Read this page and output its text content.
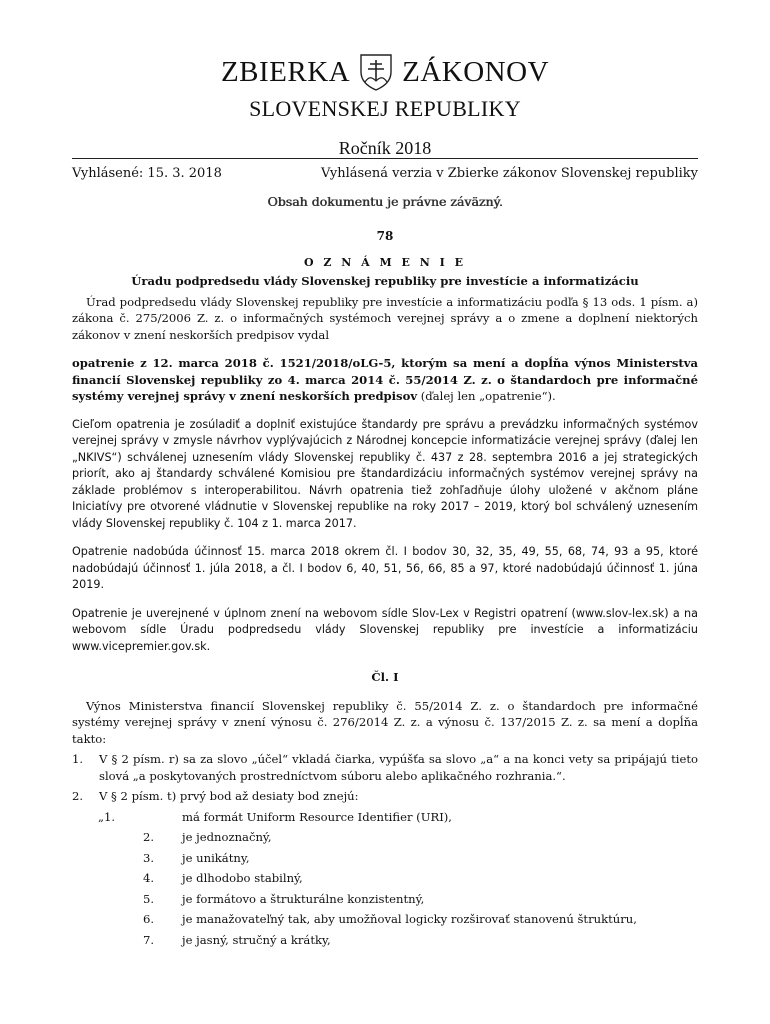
ZBIERKA ZÁKONOV
SLOVENSKEJ REPUBLIKY
Ročník 2018
Vyhlásené: 15. 3. 2018	Vyhlásená verzia v Zbierke zákonov Slovenskej republiky
Obsah dokumentu je právne záväzný.
78
O Z N Á M E N I E
Úradu podpredsedu vlády Slovenskej republiky pre investície a informatizáciu

Úrad podpredsedu vlády Slovenskej republiky pre investície a informatizáciu podľa § 13 ods. 1 písm. a) zákona č. 275/2006 Z. z. o informačných systémoch verejnej správy a o zmene a doplnení niektorých zákonov v znení neskorších predpisov vydal

opatrenie z 12. marca 2018 č. 1521/2018/oLG-5, ktorým sa mení a dopĺňa výnos Ministerstva financií Slovenskej republiky zo 4. marca 2014 č. 55/2014 Z. z. o štandardoch pre informačné systémy verejnej správy v znení neskorších predpisov (ďalej len „opatrenie“).

Cieľom opatrenia je zosúladiť a doplniť existujúce štandardy pre správu a prevádzku informačných systémov verejnej správy v zmysle návrhov vyplývajúcich z Národnej koncepcie informatizácie verejnej správy (ďalej len „NKIVS“) schválenej uznesením vlády Slovenskej republiky č. 437 z 28. septembra 2016 a jej strategických priorít, ako aj štandardy schválené Komisiou pre štandardizáciu informačných systémov verejnej správy na základe problémov s interoperabilitou. Návrh opatrenia tiež zohľadňuje úlohy uložené v akčnom pláne Iniciatívy pre otvorené vládnutie v Slovenskej republike na roky 2017 – 2019, ktorý bol schválený uznesením vlády Slovenskej republiky č. 104 z 1. marca 2017.

Opatrenie nadobúda účinnosť 15. marca 2018 okrem čl. I bodov 30, 32, 35, 49, 55, 68, 74, 93 a 95, ktoré nadobúdajú účinnosť 1. júla 2018, a čl. I bodov 6, 40, 51, 56, 66, 85 a 97, ktoré nadobúdajú účinnosť 1. júna 2019.

Opatrenie je uverejnené v úplnom znení na webovom sídle Slov-Lex v Registri opatrení (www.slov-lex.sk) a na webovom sídle Úradu podpredsedu vlády Slovenskej republiky pre investície a informatizáciu www.vicepremier.gov.sk.

Čl. I

Výnos Ministerstva financií Slovenskej republiky č. 55/2014 Z. z. o štandardoch pre informačné systémy verejnej správy v znení výnosu č. 276/2014 Z. z. a výnosu č. 137/2015 Z. z. sa mení a dopĺňa takto:

1.	V § 2 písm. r) sa za slovo „účel“ vkladá čiarka, vypúšťa sa slovo „a“ a na konci vety sa pripájajú tieto slová „a poskytovaných prostredníctvom súboru alebo aplikačného rozhrania.“.
2.	V § 2 písm. t) prvý bod až desiaty bod znejú:
„1.	má formát Uniform Resource Identifier (URI),
2.	je jednoznačný,
3.	je unikátny,
4.	je dlhodobo stabilný,
5.	je formátovo a štrukturálne konzistentný,
6.	je manažovateľný tak, aby umožňoval logicky rozširovať stanovenú štruktúru,
7.	je jasný, stručný a krátky,
